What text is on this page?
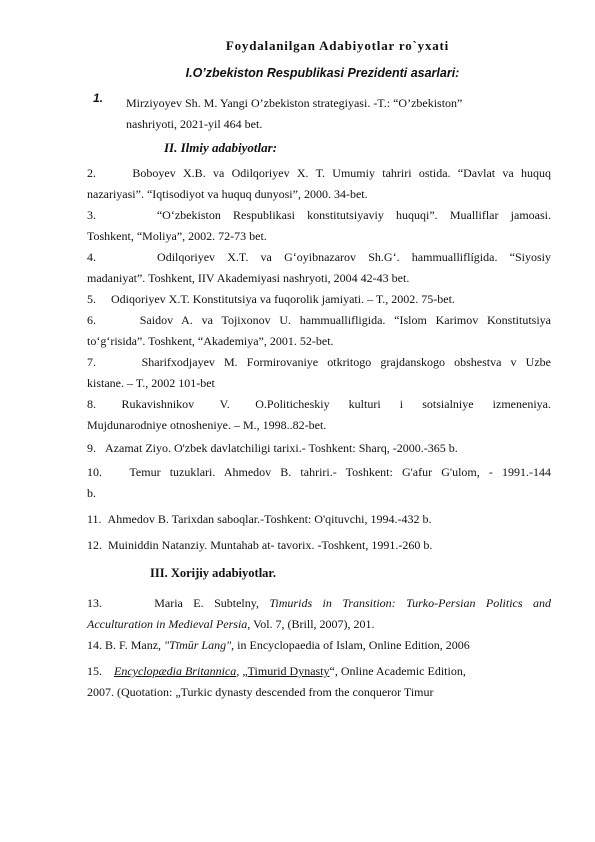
Foydalanilgan Adabiyotlar ro`yxati
I.O’zbekiston Respublikasi Prezidenti asarlari:
1. Mirziyoyev Sh. M. Yangi O’zbekiston strategiyasi. -T.: “O’zbekiston”
nashriyoti, 2021-yil 464 bet.
II. Ilmiy adabiyotlar:
2.     Boboyev X.B. va Odilqoriyev X. T. Umumiy tahriri ostida. “Davlat va huquq
nazariyasi”. “Iqtisodiyot va huquq dunyosi”, 2000. 34-bet.
3.     “O‘zbekiston Respublikasi konstitutsiyaviy huquqi”. Mualliflar jamoasi.
Toshkent, “Moliya”, 2002. 72-73 bet.
4.     Odilqoriyev X.T. va G‘oyibnazarov Sh.G‘. hammualliflígida. “Siyosiy
madaniyat”. Toshkent, IIV Akademiyasi nashryoti, 2004 42-43 bet.
5.     Odiqoriyev X.T. Konstitutsiya va fuqorolik jamiyati. – T., 2002. 75-bet.
6.     Saidov A. va Tojixonov U. hammuallifligida. “Islom Karimov Konstitutsiya
to‘g‘risida”. Toshkent, “Akademiya”, 2001. 52-bet.
7.     Sharifxodjayev M. Formirovaniye otkritogo grajdanskogo obshestva v Uzbe
kistane. – T., 2002 101-bet
8.    Rukavishnikov    V.    O.Politicheskiy   kulturi   i   sotsialniye   izmeneniya.
Mujdunarodniye otnosheniye. – M., 1998..82-bet.
9.   Azamat Ziyo. O'zbek davlatchiligi tarixi.- Toshkent: Sharq, -2000.-365 b.
10.   Temur tuzuklari. Ahmedov B. tahriri.- Toshkent: G'afur G'ulom, - 1991.-144
b.
11.  Ahmedov B. Tarixdan saboqlar.-Toshkent: O'qituvchi, 1994.-432 b.
12.  Muiniddin Natanziy. Muntahab at- tavorix. -Toshkent, 1991.-260 b.
III. Xorijiy adabiyotlar.
13.     Maria E. Subtelny, Timurids in Transition: Turko-Persian Politics and
Acculturation in Medieval Persia, Vol. 7, (Brill, 2007), 201.
14. B. F. Manz, "Tīmūr Lang", in Encyclopaedia of Islam, Online Edition, 2006
15. Encyclopædia Britannica, „Timurid Dynasty“, Online Academic Edition,
2007. (Quotation: „Turkic dynasty descended from the conqueror Timur
